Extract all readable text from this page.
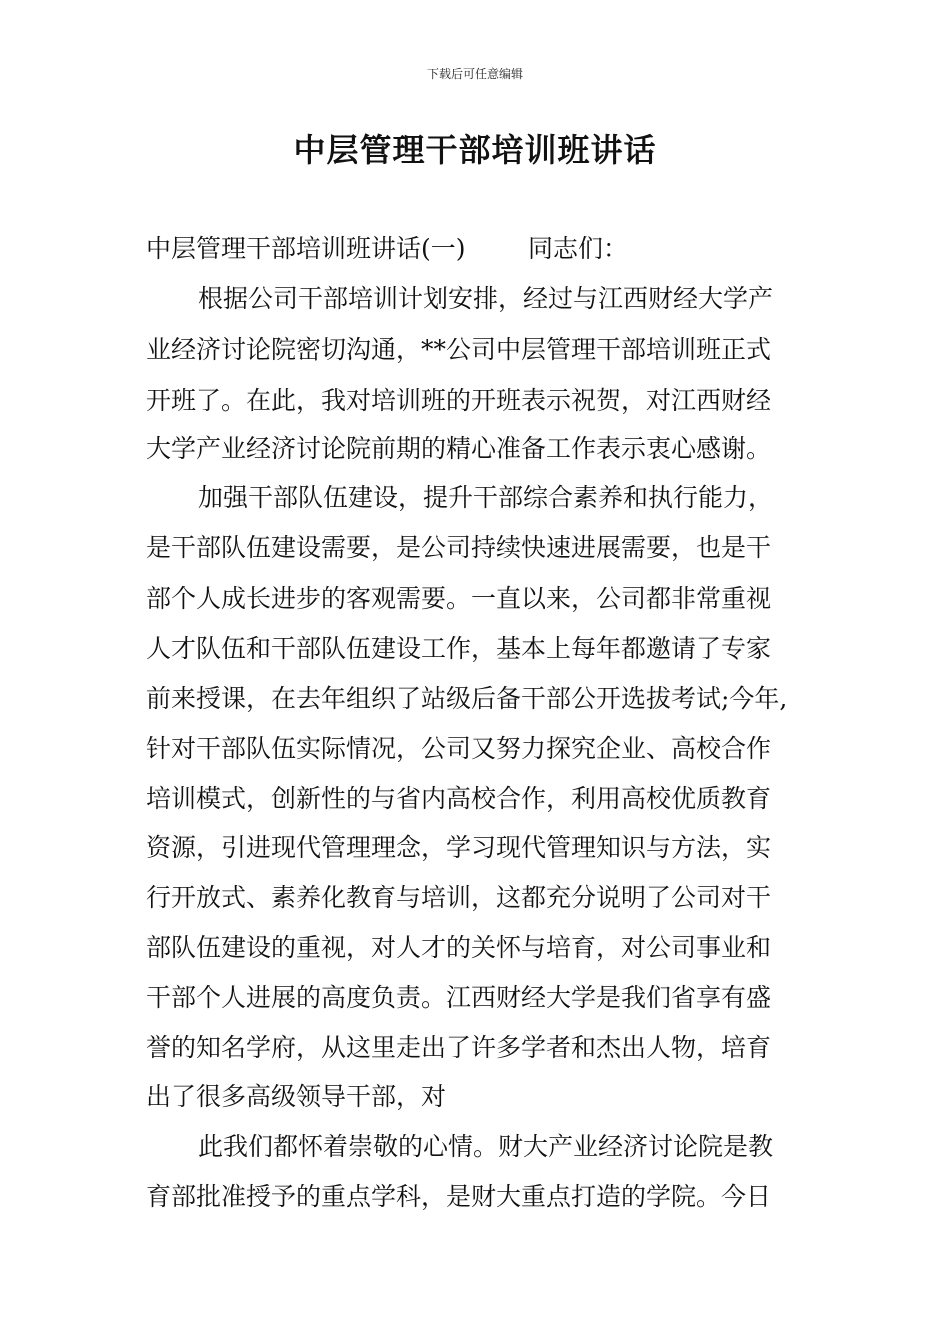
下载后可任意编辑
中层管理干部培训班讲话
中层管理干部培训班讲话(一) 同志们：
根据公司干部培训计划安排，经过与江西财经大学产
业经济讨论院密切沟通，**公司中层管理干部培训班正式
开班了。在此，我对培训班的开班表示祝贺，对江西财经
大学产业经济讨论院前期的精心准备工作表示衷心感谢。
加强干部队伍建设，提升干部综合素养和执行能力，
是干部队伍建设需要，是公司持续快速进展需要，也是干
部个人成长进步的客观需要。一直以来，公司都非常重视
人才队伍和干部队伍建设工作，基本上每年都邀请了专家
前来授课，在去年组织了站级后备干部公开选拔考试;今年,
针对干部队伍实际情况，公司又努力探究企业、高校合作
培训模式，创新性的与省内高校合作，利用高校优质教育
资源，引进现代管理理念，学习现代管理知识与方法，实
行开放式、素养化教育与培训，这都充分说明了公司对干
部队伍建设的重视，对人才的关怀与培育，对公司事业和
干部个人进展的高度负责。江西财经大学是我们省享有盛
誉的知名学府，从这里走出了许多学者和杰出人物，培育
出了很多高级领导干部，对
此我们都怀着崇敬的心情。财大产业经济讨论院是教
育部批准授予的重点学科，是财大重点打造的学院。今日
